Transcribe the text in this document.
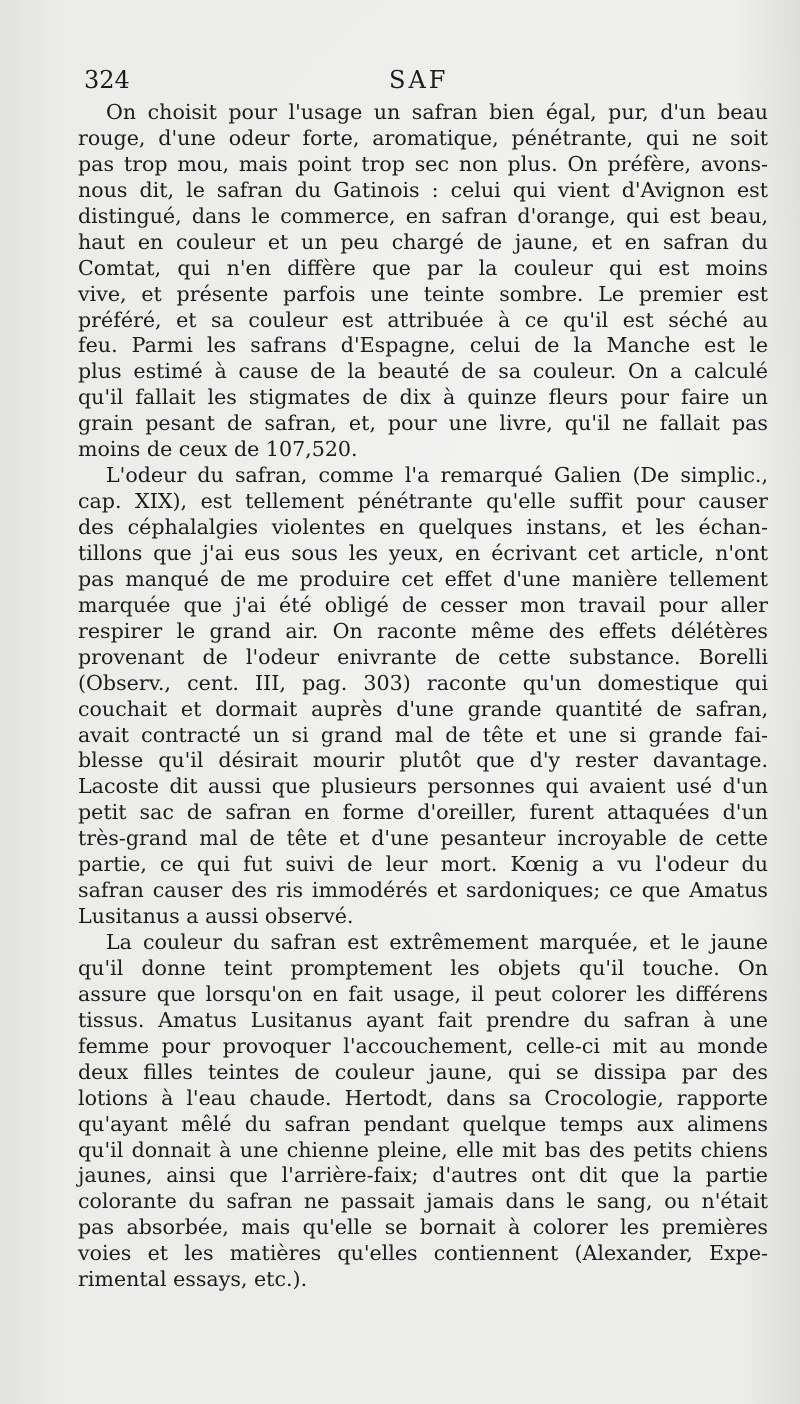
324	SAF
On choisit pour l'usage un safran bien égal, pur, d'un beau
rouge, d'une odeur forte, aromatique, pénétrante, qui ne soit
pas trop mou, mais point trop sec non plus. On préfère, avons-
nous dit, le safran du Gatinois : celui qui vient d'Avignon est
distingué, dans le commerce, en safran d'orange, qui est beau,
haut en couleur et un peu chargé de jaune, et en safran du
Comtat, qui n'en diffère que par la couleur qui est moins
vive, et présente parfois une teinte sombre. Le premier est
préféré, et sa couleur est attribuée à ce qu'il est séché au
feu. Parmi les safrans d'Espagne, celui de la Manche est le
plus estimé à cause de la beauté de sa couleur. On a calculé
qu'il fallait les stigmates de dix à quinze fleurs pour faire un
grain pesant de safran, et, pour une livre, qu'il ne fallait pas
moins de ceux de 107,520.
L'odeur du safran, comme l'a remarqué Galien (De simplic.,
cap. XIX), est tellement pénétrante qu'elle suffit pour causer
des céphalalgies violentes en quelques instans, et les échan-
tillons que j'ai eus sous les yeux, en écrivant cet article, n'ont
pas manqué de me produire cet effet d'une manière tellement
marquée que j'ai été obligé de cesser mon travail pour aller
respirer le grand air. On raconte même des effets délétères
provenant de l'odeur enivrante de cette substance. Borelli
(Observ., cent. III, pag. 303) raconte qu'un domestique qui
couchait et dormait auprès d'une grande quantité de safran,
avait contracté un si grand mal de tête et une si grande fai-
blesse qu'il désirait mourir plutôt que d'y rester davantage.
Lacoste dit aussi que plusieurs personnes qui avaient usé d'un
petit sac de safran en forme d'oreiller, furent attaquées d'un
très-grand mal de tête et d'une pesanteur incroyable de cette
partie, ce qui fut suivi de leur mort. Kœnig a vu l'odeur du
safran causer des ris immodérés et sardoniques; ce que Amatus
Lusitanus a aussi observé.
La couleur du safran est extrêmement marquée, et le jaune
qu'il donne teint promptement les objets qu'il touche. On
assure que lorsqu'on en fait usage, il peut colorer les différens
tissus. Amatus Lusitanus ayant fait prendre du safran à une
femme pour provoquer l'accouchement, celle-ci mit au monde
deux filles teintes de couleur jaune, qui se dissipa par des
lotions à l'eau chaude. Hertodt, dans sa Crocologie, rapporte
qu'ayant mêlé du safran pendant quelque temps aux alimens
qu'il donnait à une chienne pleine, elle mit bas des petits chiens
jaunes, ainsi que l'arrière-faix; d'autres ont dit que la partie
colorante du safran ne passait jamais dans le sang, ou n'était
pas absorbée, mais qu'elle se bornait à colorer les premières
voies et les matières qu'elles contiennent (Alexander, Expe-
rimental essays, etc.).
